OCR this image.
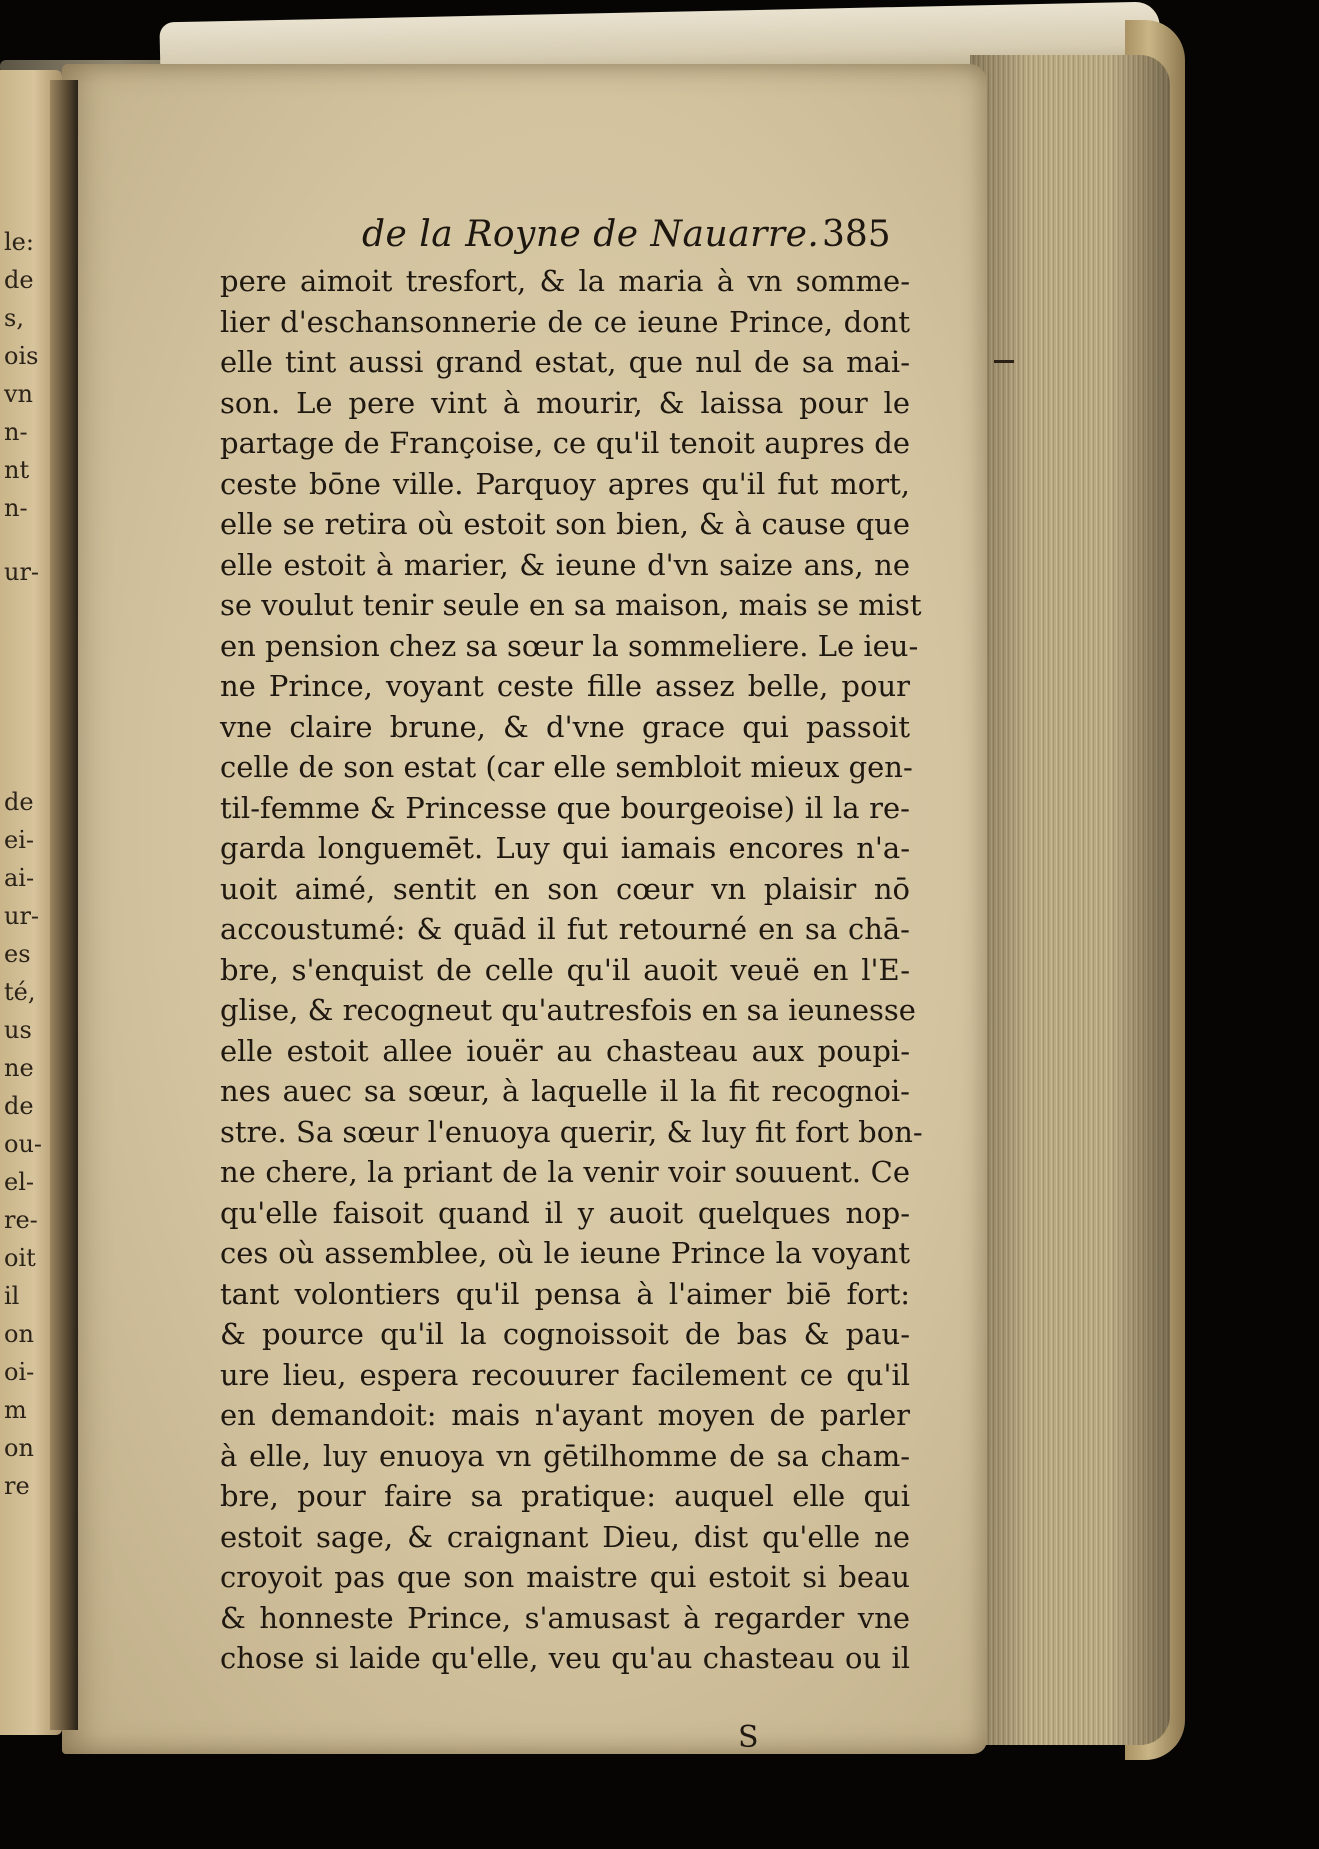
le:
de
s,
ois
vn
n-
nt
n-
ur-
de
ei-
ai-
ur-
es
té,
us
ne
de
ou-
el-
re-
oit
il
on
oi-
m
on
re
de la Royne de Nauarre. 385
pere aimoit tresfort, & la maria à vn somme-
lier d'eschansonnerie de ce ieune Prince, dont
elle tint aussi grand estat, que nul de sa mai-
son. Le pere vint à mourir, & laissa pour le
partage de Françoise, ce qu'il tenoit aupres de
ceste bōne ville. Parquoy apres qu'il fut mort,
elle se retira où estoit son bien, & à cause que
elle estoit à marier, & ieune d'vn saize ans, ne
se voulut tenir seule en sa maison, mais se mist
en pension chez sa sœur la sommeliere. Le ieu-
ne Prince, voyant ceste fille assez belle, pour
vne claire brune, & d'vne grace qui passoit
celle de son estat (car elle sembloit mieux gen-
til-femme & Princesse que bourgeoise) il la re-
garda longuemēt. Luy qui iamais encores n'a-
uoit aimé, sentit en son cœur vn plaisir nō
accoustumé: & quād il fut retourné en sa chā-
bre, s'enquist de celle qu'il auoit veuë en l'E-
glise, & recogneut qu'autresfois en sa ieunesse
elle estoit allee iouër au chasteau aux poupi-
nes auec sa sœur, à laquelle il la fit recognoi-
stre. Sa sœur l'enuoya querir, & luy fit fort bon-
ne chere, la priant de la venir voir souuent. Ce
qu'elle faisoit quand il y auoit quelques nop-
ces où assemblee, où le ieune Prince la voyant
tant volontiers qu'il pensa à l'aimer biē fort:
& pource qu'il la cognoissoit de bas & pau-
ure lieu, espera recouurer facilement ce qu'il
en demandoit: mais n'ayant moyen de parler
à elle, luy enuoya vn gētilhomme de sa cham-
bre, pour faire sa pratique: auquel elle qui
estoit sage, & craignant Dieu, dist qu'elle ne
croyoit pas que son maistre qui estoit si beau
& honneste Prince, s'amusast à regarder vne
chose si laide qu'elle, veu qu'au chasteau ou il
S
